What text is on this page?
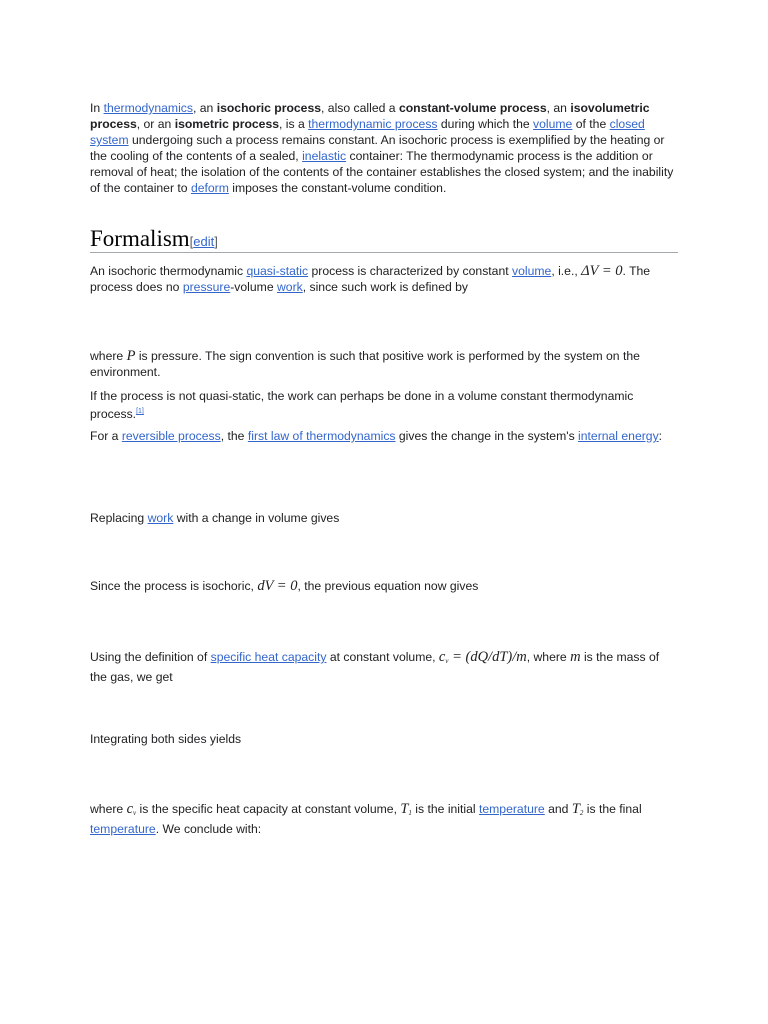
In thermodynamics, an isochoric process, also called a constant-volume process, an isovolumetric process, or an isometric process, is a thermodynamic process during which the volume of the closed system undergoing such a process remains constant. An isochoric process is exemplified by the heating or the cooling of the contents of a sealed, inelastic container: The thermodynamic process is the addition or removal of heat; the isolation of the contents of the container establishes the closed system; and the inability of the container to deform imposes the constant-volume condition.

Formalism[edit]

An isochoric thermodynamic quasi-static process is characterized by constant volume, i.e., ΔV = 0. The process does no pressure-volume work, since such work is defined by

where P is pressure. The sign convention is such that positive work is performed by the system on the environment.

If the process is not quasi-static, the work can perhaps be done in a volume constant thermodynamic process.[1]

For a reversible process, the first law of thermodynamics gives the change in the system's internal energy:

Replacing work with a change in volume gives

Since the process is isochoric, dV = 0, the previous equation now gives

Using the definition of specific heat capacity at constant volume, $c_v = (dQ/dT)/m$, where m is the mass of the gas, we get

Integrating both sides yields

where $c_v$ is the specific heat capacity at constant volume, $T_1$ is the initial temperature and $T_2$ is the final temperature. We conclude with:
